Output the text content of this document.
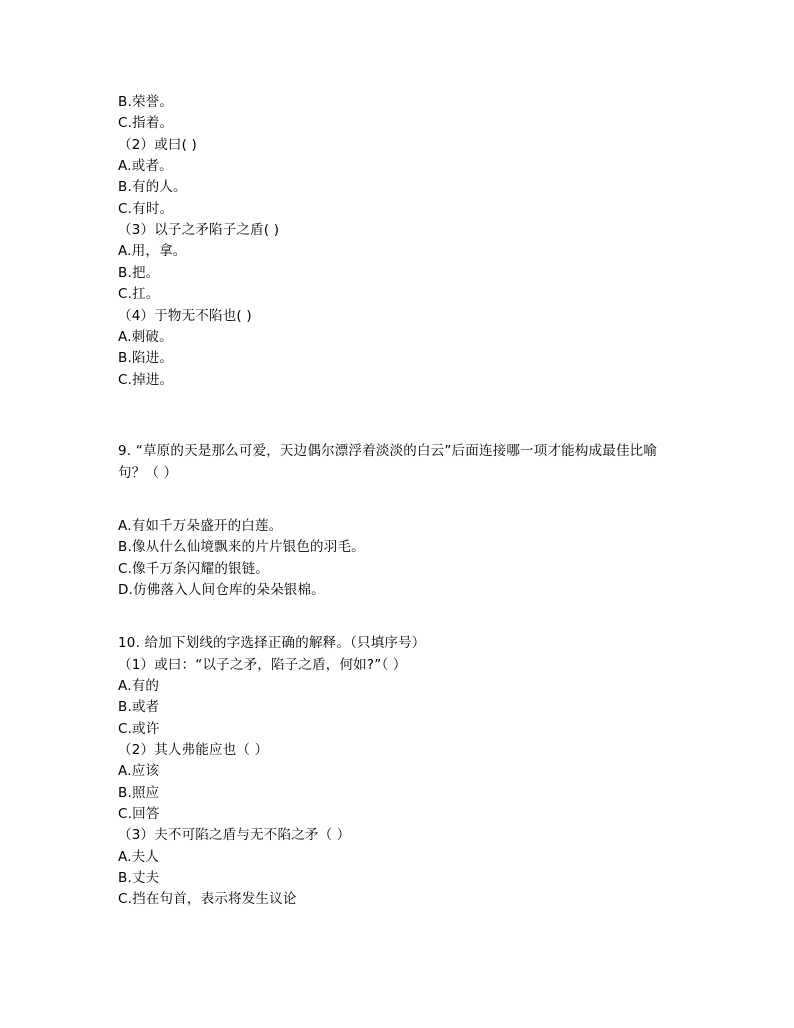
B.荣誉。
C.指着。
（2）或曰( )
A.或者。
B.有的人。
C.有时。
（3）以子之矛陷子之盾( )
A.用，拿。
B.把。
C.扛。
（4）于物无不陷也( )
A.刺破。
B.陷进。
C.掉进。
9. “草原的天是那么可爱，天边偶尔漂浮着淡淡的白云”后面连接哪一项才能构成最佳比喻
句？（ ）
A.有如千万朵盛开的白莲。
B.像从什么仙境飘来的片片银色的羽毛。
C.像千万条闪耀的银链。
D.仿佛落入人间仓库的朵朵银棉。
10. 给加下划线的字选择正确的解释。（只填序号）
（1）或曰：“以子之矛，陷子之盾，何如?”（ ）
A.有的
B.或者
C.或许
（2）其人弗能应也（ ）
A.应该
B.照应
C.回答
（3）夫不可陷之盾与无不陷之矛（ ）
A.夫人
B.丈夫
C.挡在句首，表示将发生议论
